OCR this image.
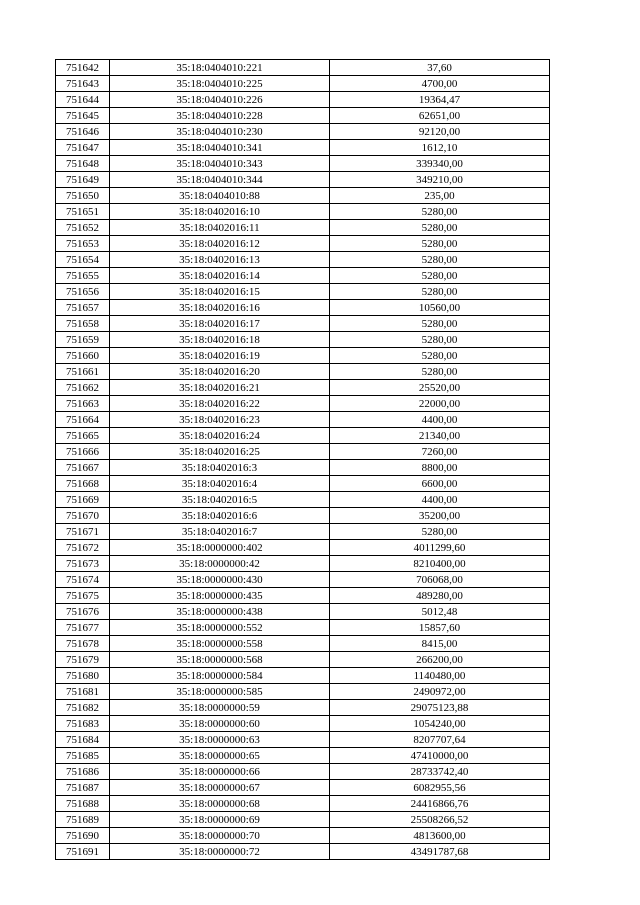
751642	35:18:0404010:221	37,60
751643	35:18:0404010:225	4700,00
751644	35:18:0404010:226	19364,47
751645	35:18:0404010:228	62651,00
751646	35:18:0404010:230	92120,00
751647	35:18:0404010:341	1612,10
751648	35:18:0404010:343	339340,00
751649	35:18:0404010:344	349210,00
751650	35:18:0404010:88	235,00
751651	35:18:0402016:10	5280,00
751652	35:18:0402016:11	5280,00
751653	35:18:0402016:12	5280,00
751654	35:18:0402016:13	5280,00
751655	35:18:0402016:14	5280,00
751656	35:18:0402016:15	5280,00
751657	35:18:0402016:16	10560,00
751658	35:18:0402016:17	5280,00
751659	35:18:0402016:18	5280,00
751660	35:18:0402016:19	5280,00
751661	35:18:0402016:20	5280,00
751662	35:18:0402016:21	25520,00
751663	35:18:0402016:22	22000,00
751664	35:18:0402016:23	4400,00
751665	35:18:0402016:24	21340,00
751666	35:18:0402016:25	7260,00
751667	35:18:0402016:3	8800,00
751668	35:18:0402016:4	6600,00
751669	35:18:0402016:5	4400,00
751670	35:18:0402016:6	35200,00
751671	35:18:0402016:7	5280,00
751672	35:18:0000000:402	4011299,60
751673	35:18:0000000:42	8210400,00
751674	35:18:0000000:430	706068,00
751675	35:18:0000000:435	489280,00
751676	35:18:0000000:438	5012,48
751677	35:18:0000000:552	15857,60
751678	35:18:0000000:558	8415,00
751679	35:18:0000000:568	266200,00
751680	35:18:0000000:584	1140480,00
751681	35:18:0000000:585	2490972,00
751682	35:18:0000000:59	29075123,88
751683	35:18:0000000:60	1054240,00
751684	35:18:0000000:63	8207707,64
751685	35:18:0000000:65	47410000,00
751686	35:18:0000000:66	28733742,40
751687	35:18:0000000:67	6082955,56
751688	35:18:0000000:68	24416866,76
751689	35:18:0000000:69	25508266,52
751690	35:18:0000000:70	4813600,00
751691	35:18:0000000:72	43491787,68
